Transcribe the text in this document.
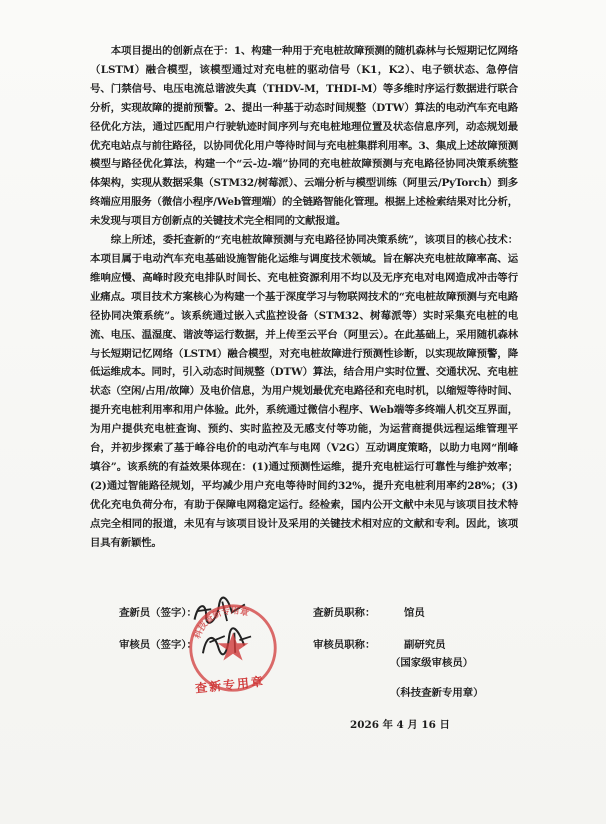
本项目提出的创新点在于：1、构建一种用于充电桩故障预测的随机森林与长短期记忆网络（LSTM）融合模型，该模型通过对充电桩的驱动信号（K1，K2）、电子锁状态、急停信号、门禁信号、电压电流总谐波失真（THDV-M，THDI-M）等多维时序运行数据进行联合分析，实现故障的提前预警。2、提出一种基于动态时间规整（DTW）算法的电动汽车充电路径优化方法，通过匹配用户行驶轨迹时间序列与充电桩地理位置及状态信息序列，动态规划最优充电站点与前往路径，以协同优化用户等待时间与充电桩集群利用率。3、集成上述故障预测模型与路径优化算法，构建一个“云-边-端”协同的充电桩故障预测与充电路径协同决策系统整体架构，实现从数据采集（STM32/树莓派）、云端分析与模型训练（阿里云/PyTorch）到多终端应用服务（微信小程序/Web管理端）的全链路智能化管理。根据上述检索结果对比分析，未发现与项目方创新点的关键技术完全相同的文献报道。

综上所述，委托查新的“充电桩故障预测与充电路径协同决策系统”，该项目的核心技术：本项目属于电动汽车充电基础设施智能化运维与调度技术领域。旨在解决充电桩故障率高、运维响应慢、高峰时段充电排队时间长、充电桩资源利用不均以及无序充电对电网造成冲击等行业痛点。项目技术方案核心为构建一个基于深度学习与物联网技术的“充电桩故障预测与充电路径协同决策系统”。该系统通过嵌入式监控设备（STM32、树莓派等）实时采集充电桩的电流、电压、温湿度、谐波等运行数据，并上传至云平台（阿里云）。在此基础上，采用随机森林与长短期记忆网络（LSTM）融合模型，对充电桩故障进行预测性诊断，以实现故障预警，降低运维成本。同时，引入动态时间规整（DTW）算法，结合用户实时位置、交通状况、充电桩状态（空闲/占用/故障）及电价信息，为用户规划最优充电路径和充电时机，以缩短等待时间、提升充电桩利用率和用户体验。此外，系统通过微信小程序、Web端等多终端人机交互界面，为用户提供充电桩查询、预约、实时监控及无感支付等功能，为运营商提供远程运维管理平台，并初步探索了基于峰谷电价的电动汽车与电网（V2G）互动调度策略，以助力电网“削峰填谷”。该系统的有益效果体现在：(1)通过预测性运维，提升充电桩运行可靠性与维护效率；(2)通过智能路径规划，平均减少用户充电等待时间约32%，提升充电桩利用率约28%；(3)优化充电负荷分布，有助于保障电网稳定运行。经检索，国内公开文献中未见与该项目技术特点完全相同的报道，未见有与该项目设计及采用的关键技术相对应的文献和专利。因此，该项目具有新颖性。

查新员（签字）：	查新员职称：	馆员
审核员（签字）：	审核员职称：	副研究员
（国家级审核员）
科技查新专用章
查新专用章	（科技查新专用章）
2026 年 4 月 16 日
